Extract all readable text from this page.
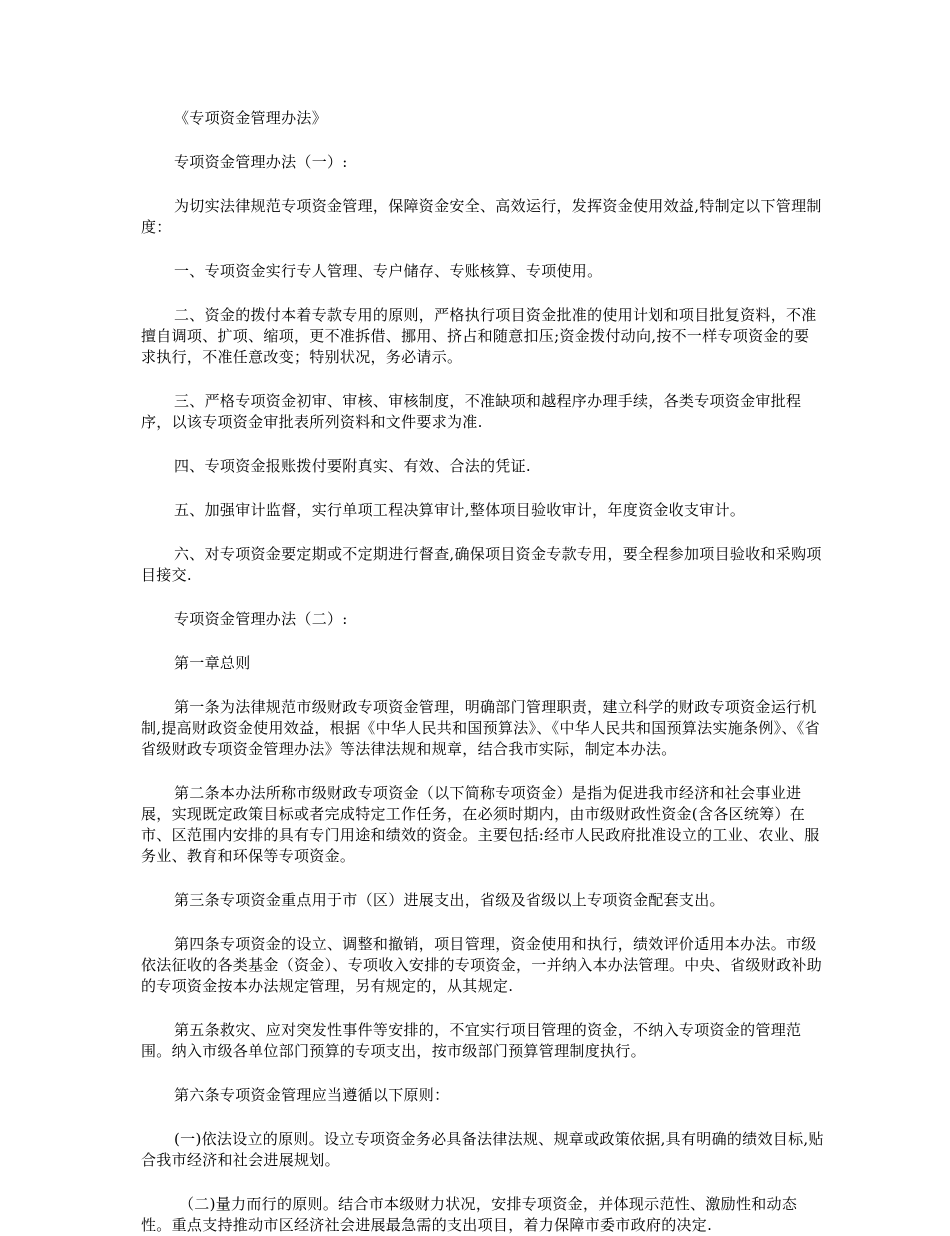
《专项资金管理办法》

专项资金管理办法（一）:

为切实法律规范专项资金管理，保障资金安全、高效运行，发挥资金使用效益,特制定以下管理制度：

一、专项资金实行专人管理、专户储存、专账核算、专项使用。

二、资金的拨付本着专款专用的原则，严格执行项目资金批准的使用计划和项目批复资料，不准擅自调项、扩项、缩项，更不准拆借、挪用、挤占和随意扣压;资金拨付动向,按不一样专项资金的要求执行，不准任意改变；特别状况，务必请示。

三、严格专项资金初审、审核、审核制度，不准缺项和越程序办理手续，各类专项资金审批程序，以该专项资金审批表所列资料和文件要求为准.

四、专项资金报账拨付要附真实、有效、合法的凭证.

五、加强审计监督，实行单项工程决算审计,整体项目验收审计，年度资金收支审计。

六、对专项资金要定期或不定期进行督查,确保项目资金专款专用，要全程参加项目验收和采购项目接交.

专项资金管理办法（二）:

第一章总则

第一条为法律规范市级财政专项资金管理，明确部门管理职责，建立科学的财政专项资金运行机制,提高财政资金使用效益，根据《中华人民共和国预算法》、《中华人民共和国预算法实施条例》、《省省级财政专项资金管理办法》等法律法规和规章，结合我市实际，制定本办法。

第二条本办法所称市级财政专项资金（以下简称专项资金）是指为促进我市经济和社会事业进展，实现既定政策目标或者完成特定工作任务，在必须时期内，由市级财政性资金(含各区统筹）在市、区范围内安排的具有专门用途和绩效的资金。主要包括:经市人民政府批准设立的工业、农业、服务业、教育和环保等专项资金。

第三条专项资金重点用于市（区）进展支出，省级及省级以上专项资金配套支出。

第四条专项资金的设立、调整和撤销，项目管理，资金使用和执行，绩效评价适用本办法。市级依法征收的各类基金（资金）、专项收入安排的专项资金，一并纳入本办法管理。中央、省级财政补助的专项资金按本办法规定管理，另有规定的，从其规定.

第五条救灾、应对突发性事件等安排的，不宜实行项目管理的资金，不纳入专项资金的管理范围。纳入市级各单位部门预算的专项支出，按市级部门预算管理制度执行。

第六条专项资金管理应当遵循以下原则：

(一)依法设立的原则。设立专项资金务必具备法律法规、规章或政策依据,具有明确的绩效目标,贴合我市经济和社会进展规划。

（二)量力而行的原则。结合市本级财力状况，安排专项资金，并体现示范性、激励性和动态性。重点支持推动市区经济社会进展最急需的支出项目，着力保障市委市政府的决定.
